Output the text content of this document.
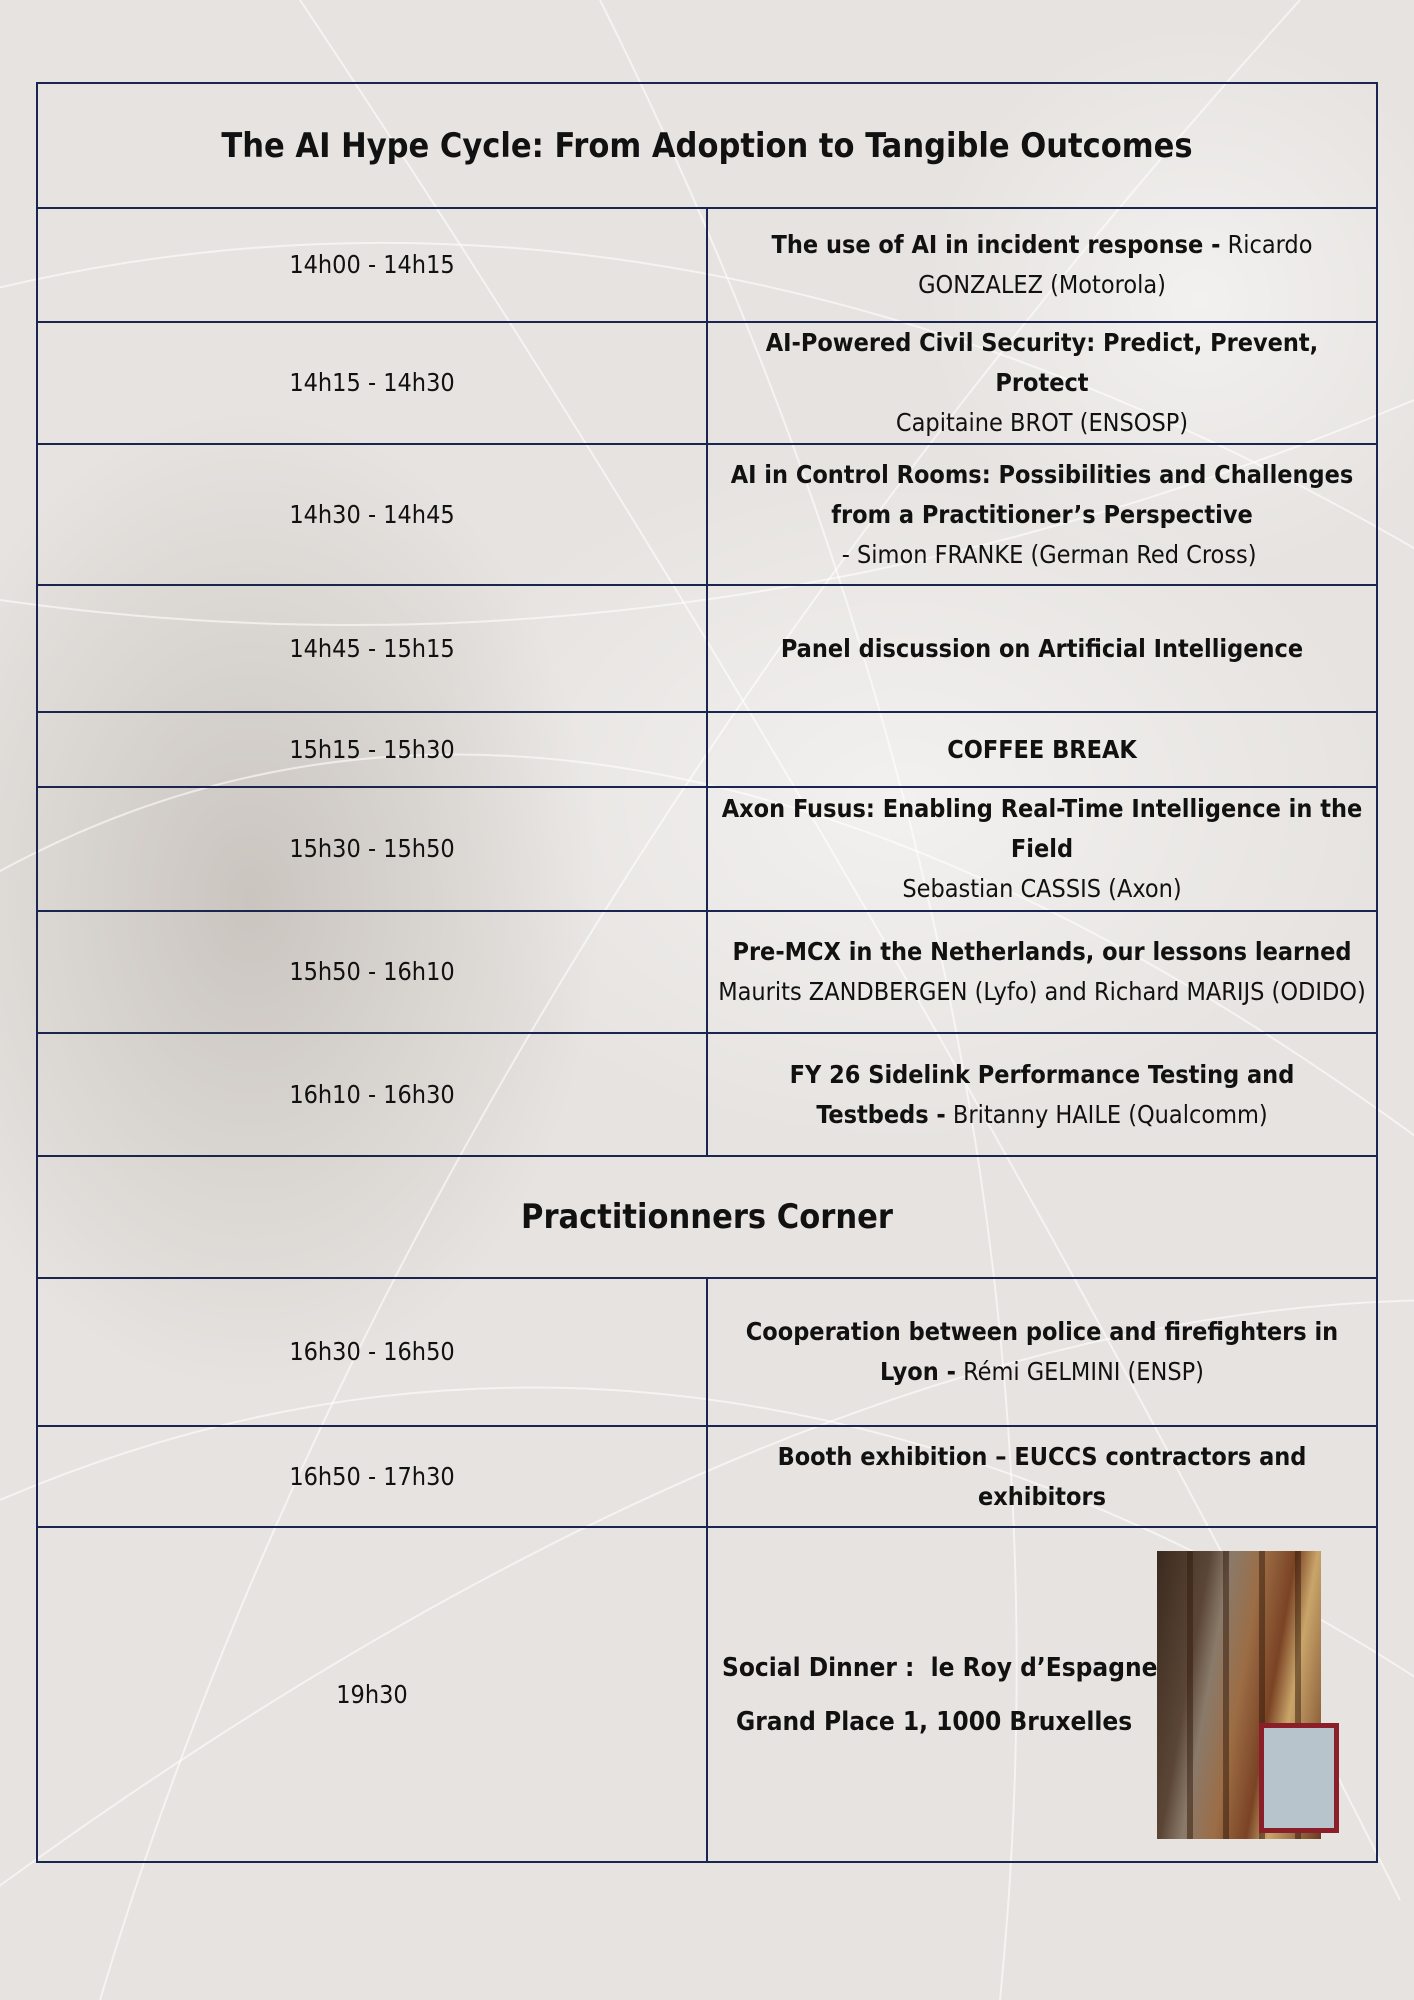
The AI Hype Cycle: From Adoption to Tangible Outcomes	
14h00 - 14h15	The use of AI in incident response - Ricardo GONZALEZ (Motorola)
14h15 - 14h30	AI-Powered Civil Security: Predict, Prevent, Protect
Capitaine BROT (ENSOSP)
14h30 - 14h45	AI in Control Rooms: Possibilities and Challenges from a Practitioner’s Perspective  - Simon FRANKE (German Red Cross)
14h45 - 15h15	Panel discussion on Artificial Intelligence
15h15 - 15h30	COFFEE BREAK
15h30 - 15h50	Axon Fusus: Enabling Real-Time Intelligence in the Field
Sebastian CASSIS (Axon)
15h50 - 16h10	Pre-MCX in the Netherlands, our lessons learned
Maurits ZANDBERGEN (Lyfo) and Richard MARIJS (ODIDO)
16h10 - 16h30	FY 26 Sidelink Performance Testing and Testbeds - Britanny HAILE (Qualcomm)
Practitionners Corner	
16h30 - 16h50	Cooperation between police and firefighters in Lyon - Rémi GELMINI (ENSP)
16h50 - 17h30	Booth exhibition – EUCCS contractors and exhibitors
19h30	Social Dinner :  le Roy d’Espagne
Grand Place 1, 1000 Bruxelles
